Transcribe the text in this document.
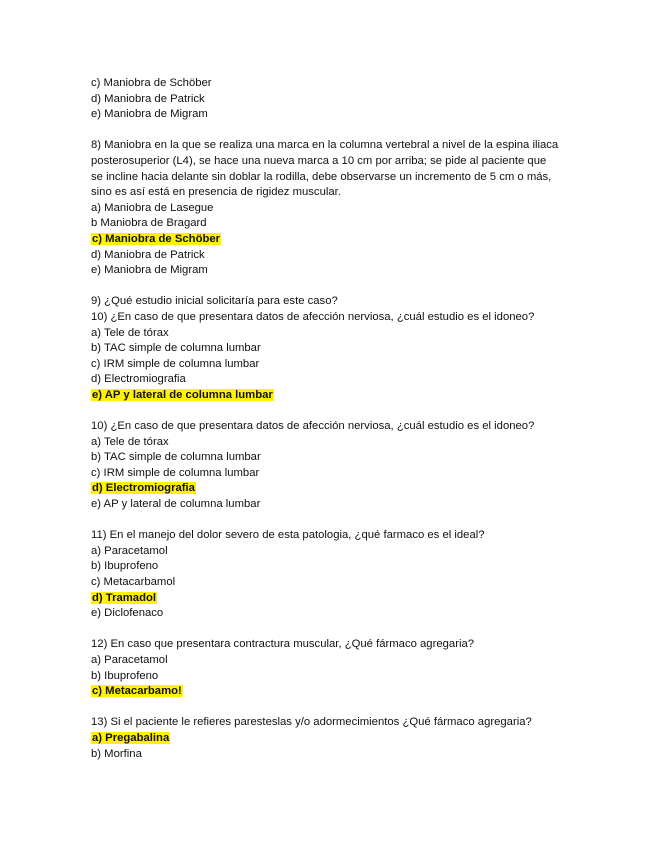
c) Maniobra de Schöber
d) Maniobra de Patrick
e) Maniobra de Migram
8) Maniobra en la que se realiza una marca en la columna vertebral a nivel de la espina iliaca posterosuperior (L4), se hace una nueva marca a 10 cm por arriba; se pide al paciente que se incline hacia delante sin doblar la rodilla, debe observarse un incremento de 5 cm o más, sino es así está en presencia de rigidez muscular.
a) Maniobra de Lasegue
b Maniobra de Bragard
c) Maniobra de Schöber
d) Maniobra de Patrick
e) Maniobra de Migram
9) ¿Qué estudio inicial solicitaría para este caso?
10) ¿En caso de que presentara datos de afección nerviosa, ¿cuál estudio es el idoneo?
a) Tele de tórax
b) TAC simple de columna lumbar
c) IRM simple de columna lumbar
d) Electromiografia
e) AP y lateral de columna lumbar
10) ¿En caso de que presentara datos de afección nerviosa, ¿cuál estudio es el idoneo?
a) Tele de tórax
b) TAC simple de columna lumbar
c) IRM simple de columna lumbar
d) Electromiografia
e) AP y lateral de columna lumbar
11) En el manejo del dolor severo de esta patologia, ¿qué farmaco es el ideal?
a) Paracetamol
b) Ibuprofeno
c) Metacarbamol
d) Tramadol
e) Diclofenaco
12) En caso que presentara contractura muscular, ¿Qué fármaco agregaria?
a) Paracetamol
b) Ibuprofeno
c) Metacarbamo!
13) Si el paciente le refieres paresteslas y/o adormecimientos ¿Qué fármaco agregaria?
a) Pregabalina
b) Morfina
